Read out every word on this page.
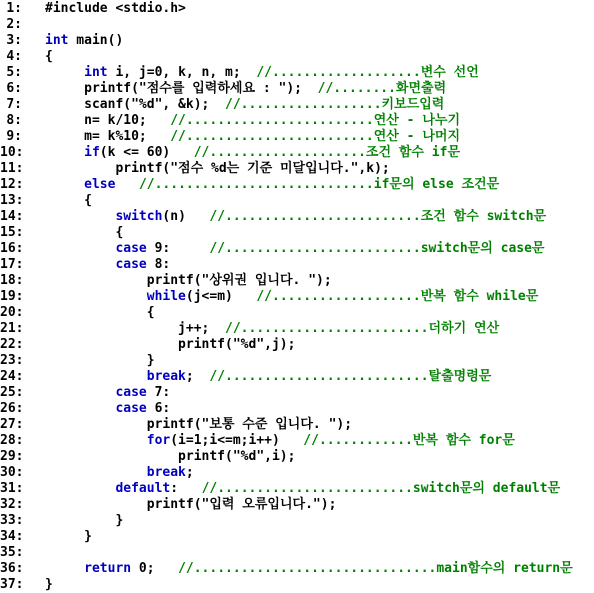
1: #include <stdio.h>
2:
3: int main()
4: {
5:	int i, j=0, k, n, m;  //...................변수 선언
6: printf("점수를 입력하세요 : ");  //........화면출력
7: scanf("%d", &k);  //..................키보드입력
8: n= k/10;   //........................연산 - 나누기
9: m= k%10;   //........................연산 - 나머지
10:	if(k <= 60)   //....................조건 함수 if문
11: printf("점수 %d는 기준 미달입니다.",k);
12:	else //............................if문의 else 조건문
13: {
14:	switch(n)   //.........................조건 함수 switch문
15: {
16:	case 9:     //.........................switch문의 case문
17:	case 8:
18: printf("상위권 입니다. ");
19:	while(j<=m)   //...................반복 함수 while문
20: {
21: j++;  //........................더하기 연산
22: printf("%d",j);
23: }
24:	break;  //..........................탈출명령문
25:	case 7:
26:	case 6:
27: printf("보통 수준 입니다. ");
28:	for(i=1;i<=m;i++)   //............반복 함수 for문
29: printf("%d",i);
30:	break;
31:	default:   //.........................switch문의 default문
32: printf("입력 오류입니다.");
33: }
34: }
35:
36:	return 0;   //...............................main함수의 return문
37: }
